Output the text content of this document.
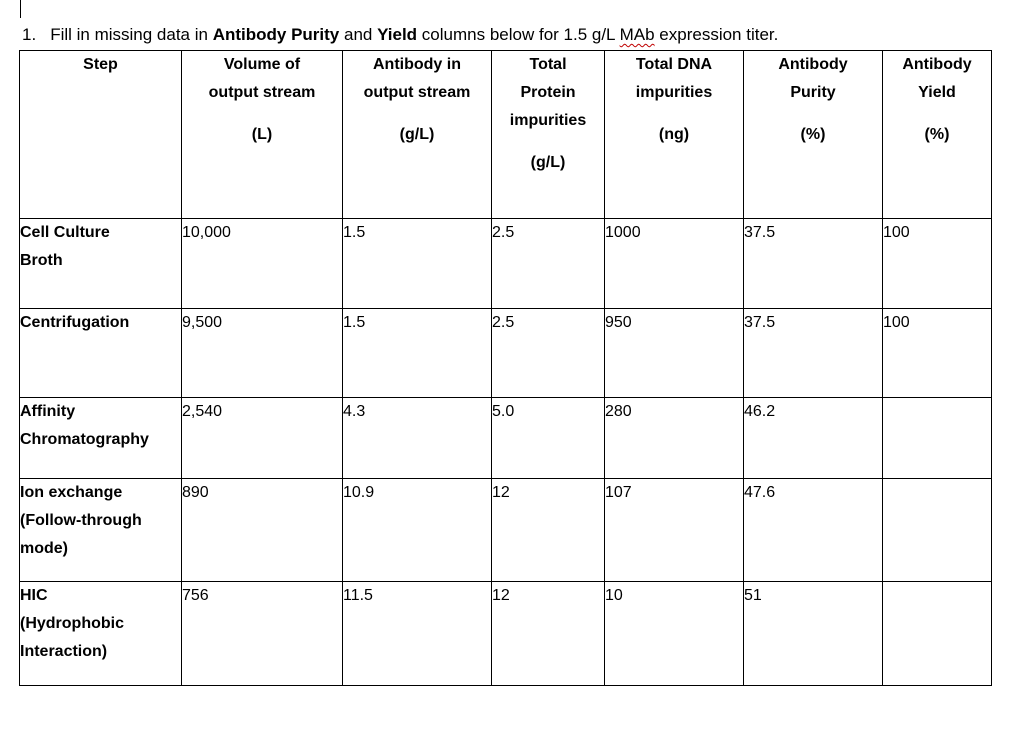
1. Fill in missing data in Antibody Purity and Yield columns below for 1.5 g/L MAb expression titer.
Step	Volume of
output stream
(L)	Antibody in
output stream
(g/L)	Total
Protein
impurities
(g/L)	Total DNA
impurities
(ng)	Antibody
Purity
(%)	Antibody
Yield
(%)
Cell Culture
Broth	10,000	1.5	2.5	1000	37.5	100
Centrifugation	9,500	1.5	2.5	950	37.5	100
Affinity
Chromatography	2,540	4.3	5.0	280	46.2	
Ion exchange
(Follow-through
mode)	890	10.9	12	107	47.6	
HIC
(Hydrophobic
Interaction)	756	11.5	12	10	51	
